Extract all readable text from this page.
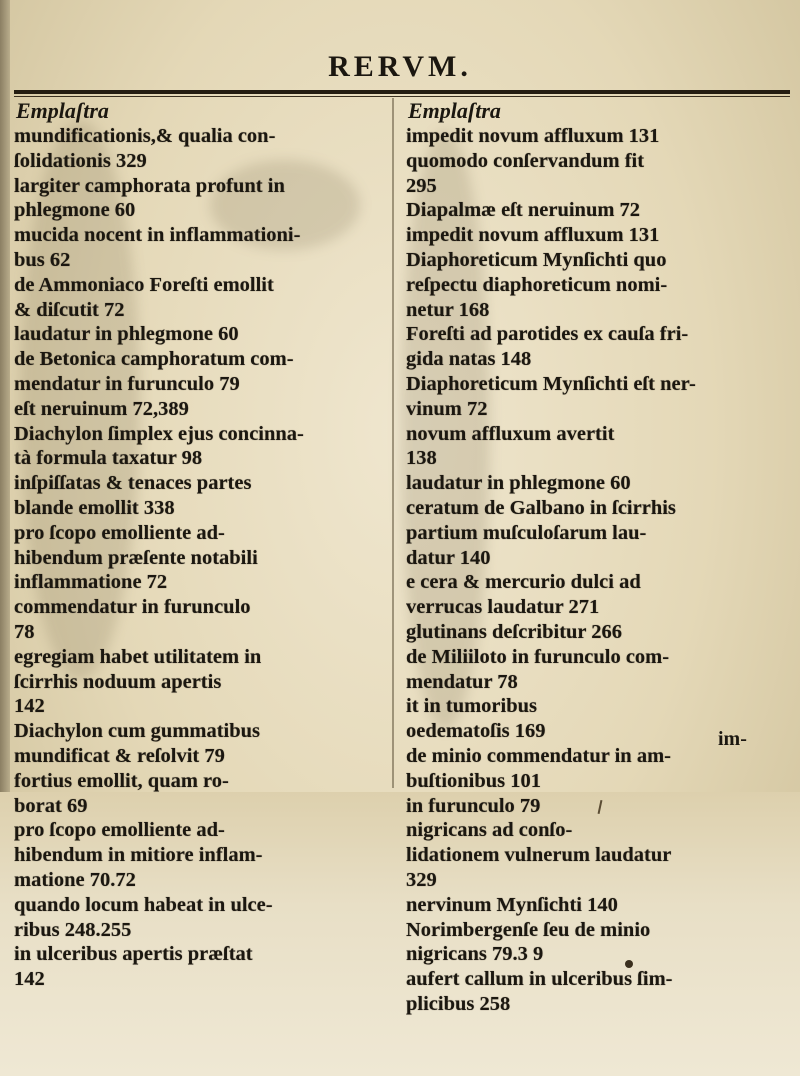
RERVM.
Emplaſtra
mundificationis,& qualia con-
ſolidationis 329
largiter camphorata profunt in
phlegmone 60
mucida nocent in inflammationi-
bus 62
de Ammoniaco Foreſti emollit
& diſcutit 72
laudatur in phlegmone 60
de Betonica camphoratum com-
mendatur in furunculo 79
eſt neruinum 72,389
Diachylon ſimplex ejus concinna-
tà formula taxatur 98
inſpiſſatas & tenaces partes
blande emollit 338
pro ſcopo emolliente ad-
hibendum præſente notabili
inflammatione 72
commendatur in furunculo
78
egregiam habet utilitatem in
ſcirrhis noduum apertis
142
Diachylon cum gummatibus
mundificat & reſolvit 79
fortius emollit, quam ro-
borat 69
pro ſcopo emolliente ad-
hibendum in mitiore inflam-
matione 70.72
quando locum habeat in ulce-
ribus 248.255
in ulceribus apertis præſtat
142
Emplaſtra
impedit novum affluxum 131
quomodo conſervandum fit
295
Diapalmæ eſt neruinum 72
impedit novum affluxum 131
Diaphoreticum Mynſichti quo
reſpectu diaphoreticum nomi-
netur 168
Foreſti ad parotides ex cauſa fri-
gida natas 148
Diaphoreticum Mynſichti eſt ner-
vinum 72
novum affluxum avertit
138
laudatur in phlegmone 60
ceratum de Galbano in ſcirrhis
partium muſculoſarum lau-
datur 140
e cera & mercurio dulci ad
verrucas laudatur 271
glutinans deſcribitur 266
de Miliiloto in furunculo com-
mendatur 78
it in tumoribus
oedematoſis 169
de minio commendatur in am-
buſtionibus 101
in furunculo 79
nigricans ad conſo-
lidationem vulnerum laudatur
329
nervinum Mynſichti 140
Norimbergenſe ſeu de minio
nigricans 79.3 9
aufert callum in ulceribus ſim-
plicibus 258
im-
